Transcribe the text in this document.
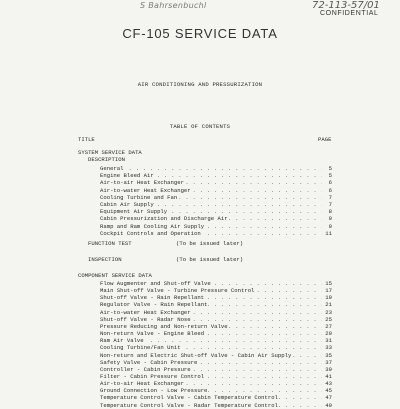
S Bahrsenbuchl	72-113-57/01
CONFIDENTIAL
CF-105 SERVICE DATA
AIR CONDITIONING AND PRESSURIZATION
TABLE OF CONTENTS
TITLE	PAGE
SYSTEM SERVICE DATA
DESCRIPTION
. . .
General	5
. . .
Engine Bleed Air	5
. . .
Air-to-air Heat Exchanger	6
. . .
Air-to-water Heat Exchanger	6
. . .
Cooling Turbine and Fan	7
. . .
Cabin Air Supply	7
. . .
Equipment Air Supply	8
. . .
Cabin Pressurization and Discharge Air	9
. . .
Ramp and Ram Cooling Air Supply	9
. . .
Cockpit Controls and Operation	11
FUNCTION TEST	(To be issued later)
INSPECTION	(To be issued later)
COMPONENT SERVICE DATA
. . .
Flow Augmenter and Shut-off Valve	15
. . .
Main Shut-off Valve - Turbine Pressure Control	17
. . .
Shut-off Valve - Rain Repellant	19
. . .
Regulator Valve - Rain Repellant	21
. . .
Air-to-water Heat Exchanger	23
. . .
Shut-off Valve - Radar Nose	25
. . .
Pressure Reducing and Non-return Valve	27
. . .
Non-return Valve - Engine Bleed	29
. . .
Ram Air Valve	31
. . .
Cooling Turbine/Fan Unit	33
. . .
Non-return and Electric Shut-off Valve - Cabin Air Supply	35
. . .
Safety Valve - Cabin Pressure	37
. . .
Controller - Cabin Pressure	39
. . .
Filter - Cabin Pressure Control	41
. . .
Air-to-air Heat Exchanger	43
. . .
Ground Connection - Low Pressure	45
. . .
Temperature Control Valve - Cabin Temperature Control	47
. . .
Temperature Control Valve - Radar Temperature Control	49
